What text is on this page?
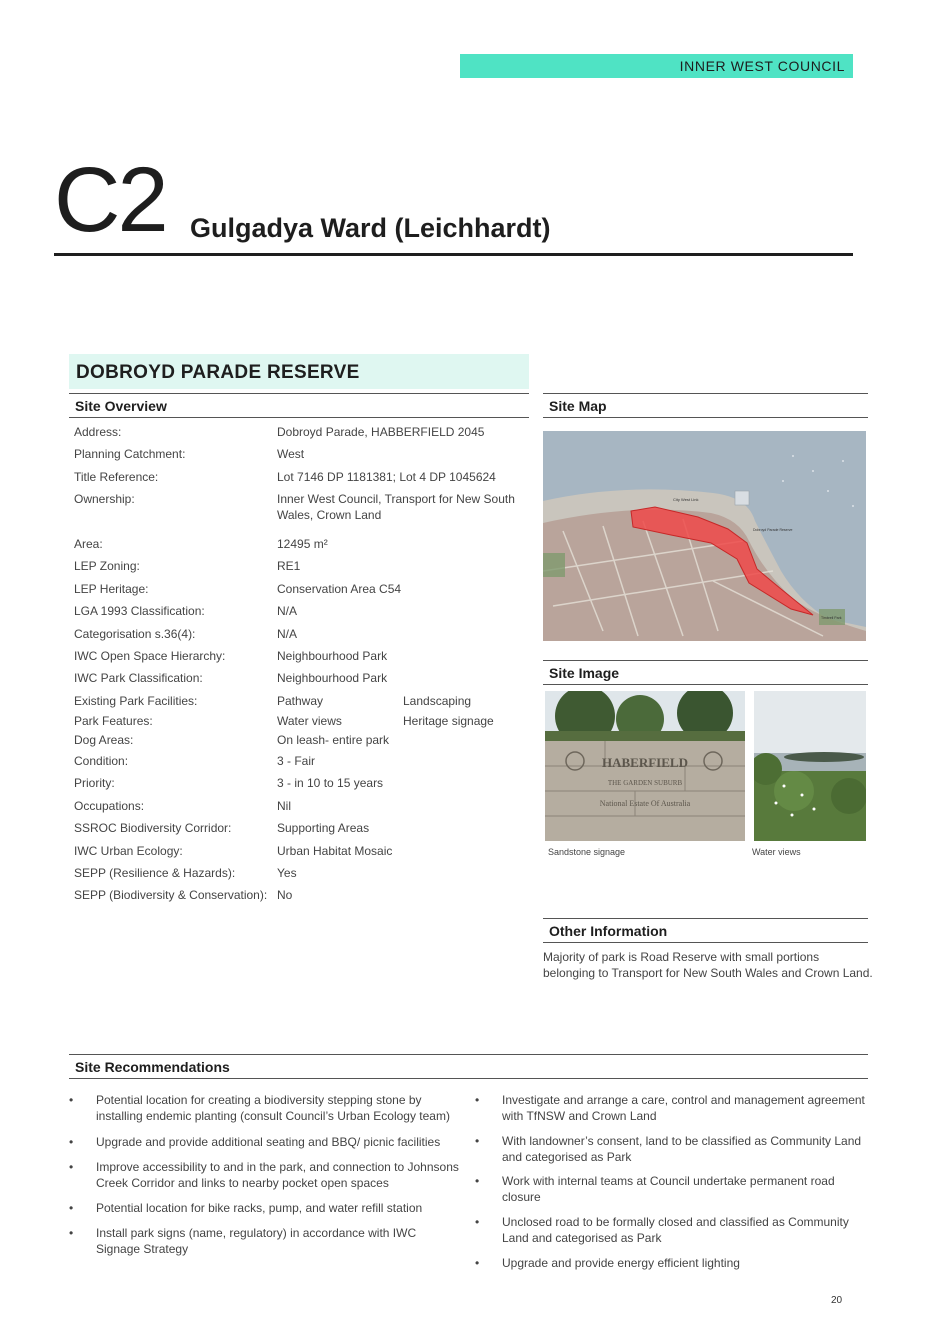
INNER WEST COUNCIL
C2 Gulgadya Ward (Leichhardt)
DOBROYD PARADE RESERVE
Site Overview
Address:	Dobroyd Parade, HABBERFIELD 2045
Planning Catchment:	West
Title Reference:	Lot 7146 DP 1181381; Lot 4 DP 1045624
Ownership:	Inner West Council, Transport for New South Wales, Crown Land
Area:	12495 m²
LEP Zoning:	RE1
LEP Heritage:	Conservation Area C54
LGA 1993 Classification:	N/A
Categorisation s.36(4):	N/A
IWC Open Space Hierarchy:	Neighbourhood Park
IWC Park Classification:	Neighbourhood Park
Existing Park Facilities:	Pathway	Landscaping
Park Features:	Water views	Heritage signage
Dog Areas:	On leash- entire park
Condition:	3 - Fair
Priority:	3 - in 10 to 15 years
Occupations:	Nil
SSROC Biodiversity Corridor:	Supporting Areas
IWC Urban Ecology:	Urban Habitat Mosaic
SEPP (Resilience & Hazards):	Yes
SEPP (Biodiversity & Conservation): No
Site Map
City West Link
Dobroyd Parade Reserve
Timbrell Park
Site Image
HABERFIELD
THE GARDEN SUBURB
National Estate Of Australia
Sandstone signage	Water views
Other Information
Majority of park is Road Reserve with small portions belonging to Transport for New South Wales and Crown Land.
Site Recommendations
• Potential location for creating a biodiversity stepping stone by installing endemic planting (consult Council’s Urban Ecology team)
• Upgrade and provide additional seating and BBQ/ picnic facilities
• Improve accessibility to and in the park, and connection to Johnsons Creek Corridor and links to nearby pocket open spaces
• Potential location for bike racks, pump, and water refill station
• Install park signs (name, regulatory) in accordance with IWC Signage Strategy
• Investigate and arrange a care, control and management agreement with TfNSW and Crown Land
• With landowner’s consent, land to be classified as Community Land and categorised as Park
• Work with internal teams at Council undertake permanent road closure
• Unclosed road to be formally closed and classified as Community Land and categorised as Park
• Upgrade and provide energy efficient lighting
20
